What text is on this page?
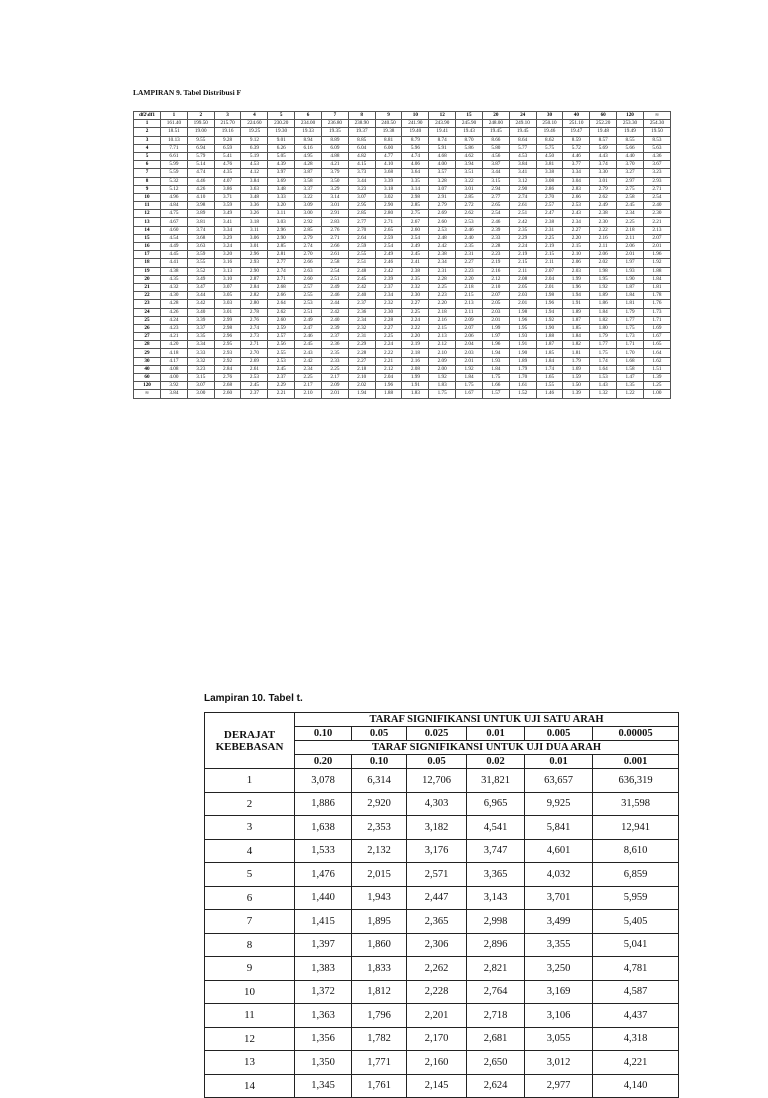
LAMPIRAN 9. Tabel Distribusi F
df2\df1	1	2	3	4	5	6	7	8	9	10	12	15	20	24	30	40	60	120	∞
1	161.40	199.50	215.70	224.60	230.20	234.00	236.80	238.90	240.50	241.90	243.90	245.90	248.00	249.10	250.10	251.10	252.20	253.30	254.30
2	18.51	19.00	19.16	19.25	19.30	19.33	19.35	19.37	19.38	19.40	19.41	19.43	19.45	19.45	19.46	19.47	19.48	19.49	19.50
3	10.13	9.55	9.28	9.12	9.01	8.94	8.89	8.85	8.81	8.79	8.74	8.70	8.66	8.64	8.62	8.59	8.57	8.55	8.53
4	7.71	6.94	6.59	6.39	6.26	6.16	6.09	6.04	6.00	5.96	5.91	5.86	5.80	5.77	5.75	5.72	5.69	5.66	5.63
5	6.61	5.79	5.41	5.19	5.05	4.95	4.88	4.82	4.77	4.74	4.68	4.62	4.56	4.53	4.50	4.46	4.43	4.40	4.36
6	5.99	5.14	4.76	4.53	4.39	4.28	4.21	4.15	4.10	4.06	4.00	3.94	3.87	3.84	3.81	3.77	3.74	3.70	3.67
7	5.59	4.74	4.35	4.12	3.97	3.87	3.79	3.73	3.68	3.64	3.57	3.51	3.44	3.41	3.38	3.34	3.30	3.27	3.23
8	5.32	4.46	4.07	3.84	3.69	3.58	3.50	3.44	3.39	3.35	3.28	3.22	3.15	3.12	3.08	3.04	3.01	2.97	2.93
9	5.12	4.26	3.86	3.63	3.48	3.37	3.29	3.23	3.18	3.14	3.07	3.01	2.94	2.90	2.86	2.83	2.79	2.75	2.71
10	4.96	4.10	3.71	3.48	3.33	3.22	3.14	3.07	3.02	2.98	2.91	2.85	2.77	2.74	2.70	2.66	2.62	2.58	2.54
11	4.84	3.98	3.59	3.36	3.20	3.09	3.01	2.95	2.90	2.85	2.79	2.72	2.65	2.61	2.57	2.53	2.49	2.45	2.40
12	4.75	3.89	3.49	3.26	3.11	3.00	2.91	2.85	2.80	2.75	2.69	2.62	2.54	2.51	2.47	2.43	2.38	2.34	2.30
13	4.67	3.81	3.41	3.18	3.03	2.92	2.83	2.77	2.71	2.67	2.60	2.53	2.46	2.42	2.38	2.34	2.30	2.25	2.21
14	4.60	3.74	3.34	3.11	2.96	2.85	2.76	2.70	2.65	2.60	2.53	2.46	2.39	2.35	2.31	2.27	2.22	2.18	2.13
15	4.54	3.68	3.29	3.06	2.90	2.79	2.71	2.64	2.59	2.54	2.48	2.40	2.33	2.29	2.25	2.20	2.16	2.11	2.07
16	4.49	3.63	3.24	3.01	2.85	2.74	2.66	2.59	2.54	2.49	2.42	2.35	2.28	2.24	2.19	2.15	2.11	2.06	2.01
17	4.45	3.59	3.20	2.96	2.81	2.70	2.61	2.55	2.49	2.45	2.38	2.31	2.23	2.19	2.15	2.10	2.06	2.01	1.96
18	4.41	3.55	3.16	2.93	2.77	2.66	2.58	2.51	2.46	2.41	2.34	2.27	2.19	2.15	2.11	2.06	2.02	1.97	1.92
19	4.38	3.52	3.13	2.90	2.74	2.63	2.54	2.48	2.42	2.38	2.31	2.23	2.16	2.11	2.07	2.03	1.98	1.93	1.88
20	4.35	3.49	3.10	2.87	2.71	2.60	2.51	2.45	2.39	2.35	2.28	2.20	2.12	2.08	2.04	1.99	1.95	1.90	1.84
21	4.32	3.47	3.07	2.84	2.68	2.57	2.49	2.42	2.37	2.32	2.25	2.18	2.10	2.05	2.01	1.96	1.92	1.87	1.81
22	4.30	3.44	3.05	2.82	2.66	2.55	2.46	2.40	2.34	2.30	2.23	2.15	2.07	2.03	1.98	1.94	1.89	1.84	1.78
23	4.28	3.42	3.03	2.80	2.64	2.53	2.44	2.37	2.32	2.27	2.20	2.13	2.05	2.01	1.96	1.91	1.86	1.81	1.76
24	4.26	3.40	3.01	2.78	2.62	2.51	2.42	2.36	2.30	2.25	2.18	2.11	2.03	1.98	1.94	1.89	1.84	1.79	1.73
25	4.24	3.39	2.99	2.76	2.60	2.49	2.40	2.34	2.28	2.24	2.16	2.09	2.01	1.96	1.92	1.87	1.82	1.77	1.71
26	4.23	3.37	2.98	2.74	2.59	2.47	2.39	2.32	2.27	2.22	2.15	2.07	1.99	1.95	1.90	1.85	1.80	1.75	1.69
27	4.21	3.35	2.96	2.73	2.57	2.46	2.37	2.31	2.25	2.20	2.13	2.06	1.97	1.93	1.88	1.84	1.79	1.73	1.67
28	4.20	3.34	2.95	2.71	2.56	2.45	2.36	2.29	2.24	2.19	2.12	2.04	1.96	1.91	1.87	1.82	1.77	1.71	1.65
29	4.18	3.33	2.93	2.70	2.55	2.43	2.35	2.28	2.22	2.18	2.10	2.03	1.94	1.90	1.85	1.81	1.75	1.70	1.64
30	4.17	3.32	2.92	2.69	2.53	2.42	2.33	2.27	2.21	2.16	2.09	2.01	1.93	1.89	1.84	1.79	1.74	1.68	1.62
40	4.08	3.23	2.84	2.61	2.45	2.34	2.25	2.18	2.12	2.08	2.00	1.92	1.84	1.79	1.74	1.69	1.64	1.58	1.51
60	4.00	3.15	2.76	2.53	2.37	2.25	2.17	2.10	2.04	1.99	1.92	1.84	1.75	1.70	1.65	1.59	1.53	1.47	1.39
120	3.92	3.07	2.68	2.45	2.29	2.17	2.09	2.02	1.96	1.91	1.83	1.75	1.66	1.61	1.55	1.50	1.43	1.35	1.25
∞	3.84	3.00	2.60	2.37	2.21	2.10	2.01	1.94	1.88	1.83	1.75	1.67	1.57	1.52	1.46	1.39	1.32	1.22	1.00
Lampiran 10. Tabel t.
DERAJAT
KEBEBASAN	TARAF SIGNIFIKANSI UNTUK UJI SATU ARAH					
	0.10	0.05	0.025	0.01	0.005	0.00005
	TARAF SIGNIFIKANSI UNTUK UJI DUA ARAH					
	0.20	0.10	0.05	0.02	0.01	0.001
1	3,078	6,314	12,706	31,821	63,657	636,319
2	1,886	2,920	4,303	6,965	9,925	31,598
3	1,638	2,353	3,182	4,541	5,841	12,941
4	1,533	2,132	3,176	3,747	4,601	8,610
5	1,476	2,015	2,571	3,365	4,032	6,859
6	1,440	1,943	2,447	3,143	3,701	5,959
7	1,415	1,895	2,365	2,998	3,499	5,405
8	1,397	1,860	2,306	2,896	3,355	5,041
9	1,383	1,833	2,262	2,821	3,250	4,781
10	1,372	1,812	2,228	2,764	3,169	4,587
11	1,363	1,796	2,201	2,718	3,106	4,437
12	1,356	1,782	2,170	2,681	3,055	4,318
13	1,350	1,771	2,160	2,650	3,012	4,221
14	1,345	1,761	2,145	2,624	2,977	4,140
